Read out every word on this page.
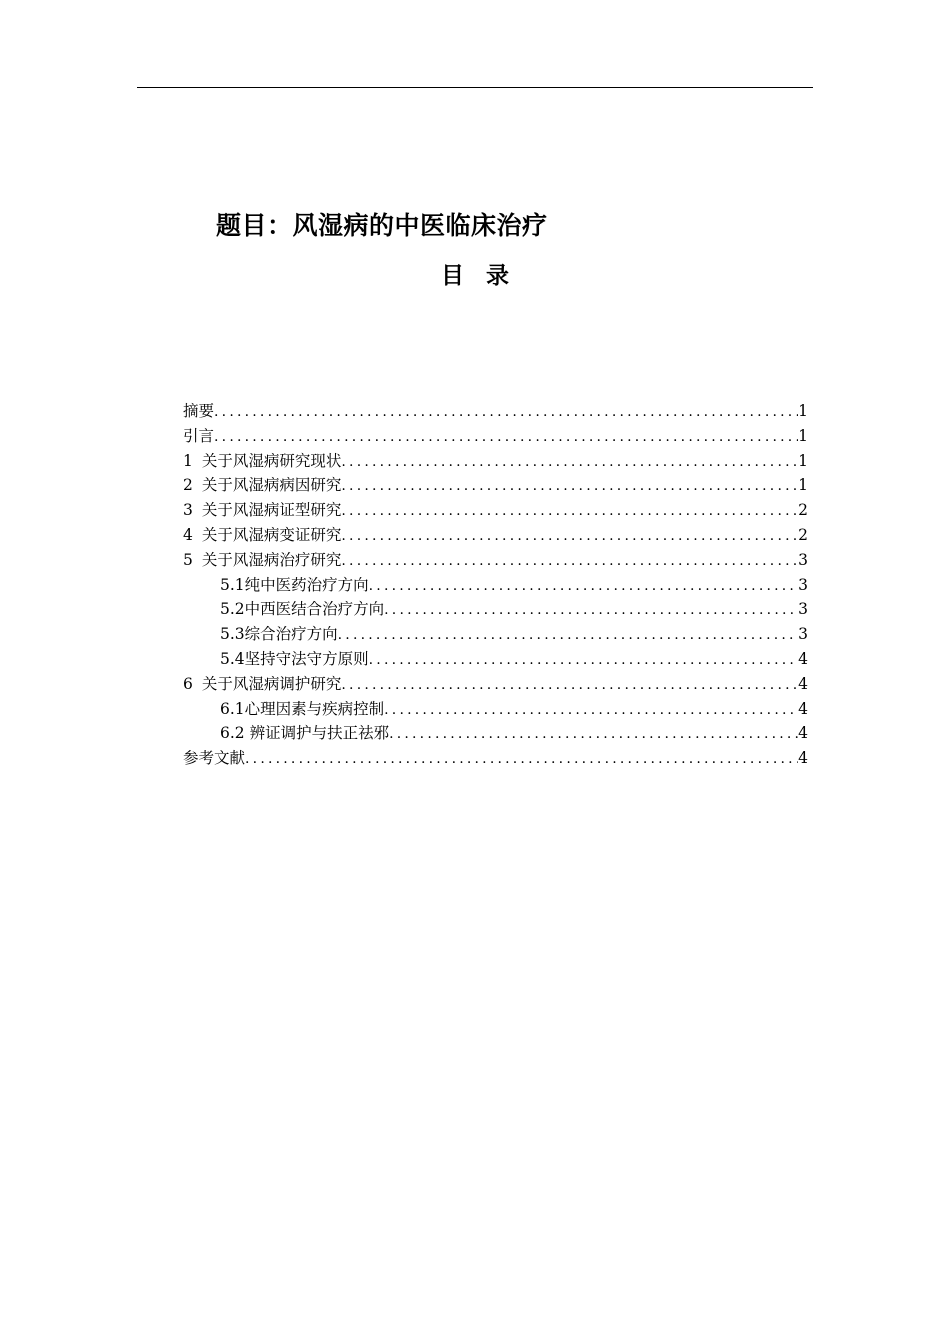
题目：风湿病的中医临床治疗
目录
摘要 .....	1
引言 .....	1
1 关于风湿病研究现状 .....	1
2 关于风湿病病因研究 .....	1
3 关于风湿病证型研究 .....	2
4 关于风湿病变证研究 .....	2
5 关于风湿病治疗研究 .....	3
5.1纯中医药治疗方向 .....	3
5.2中西医结合治疗方向 .....	3
5.3综合治疗方向 .....	3
5.4坚持守法守方原则 .....	4
6 关于风湿病调护研究 .....	4
6.1心理因素与疾病控制 .....	4
6.2 辨证调护与扶正祛邪 .....	4
参考文献 .....	4
